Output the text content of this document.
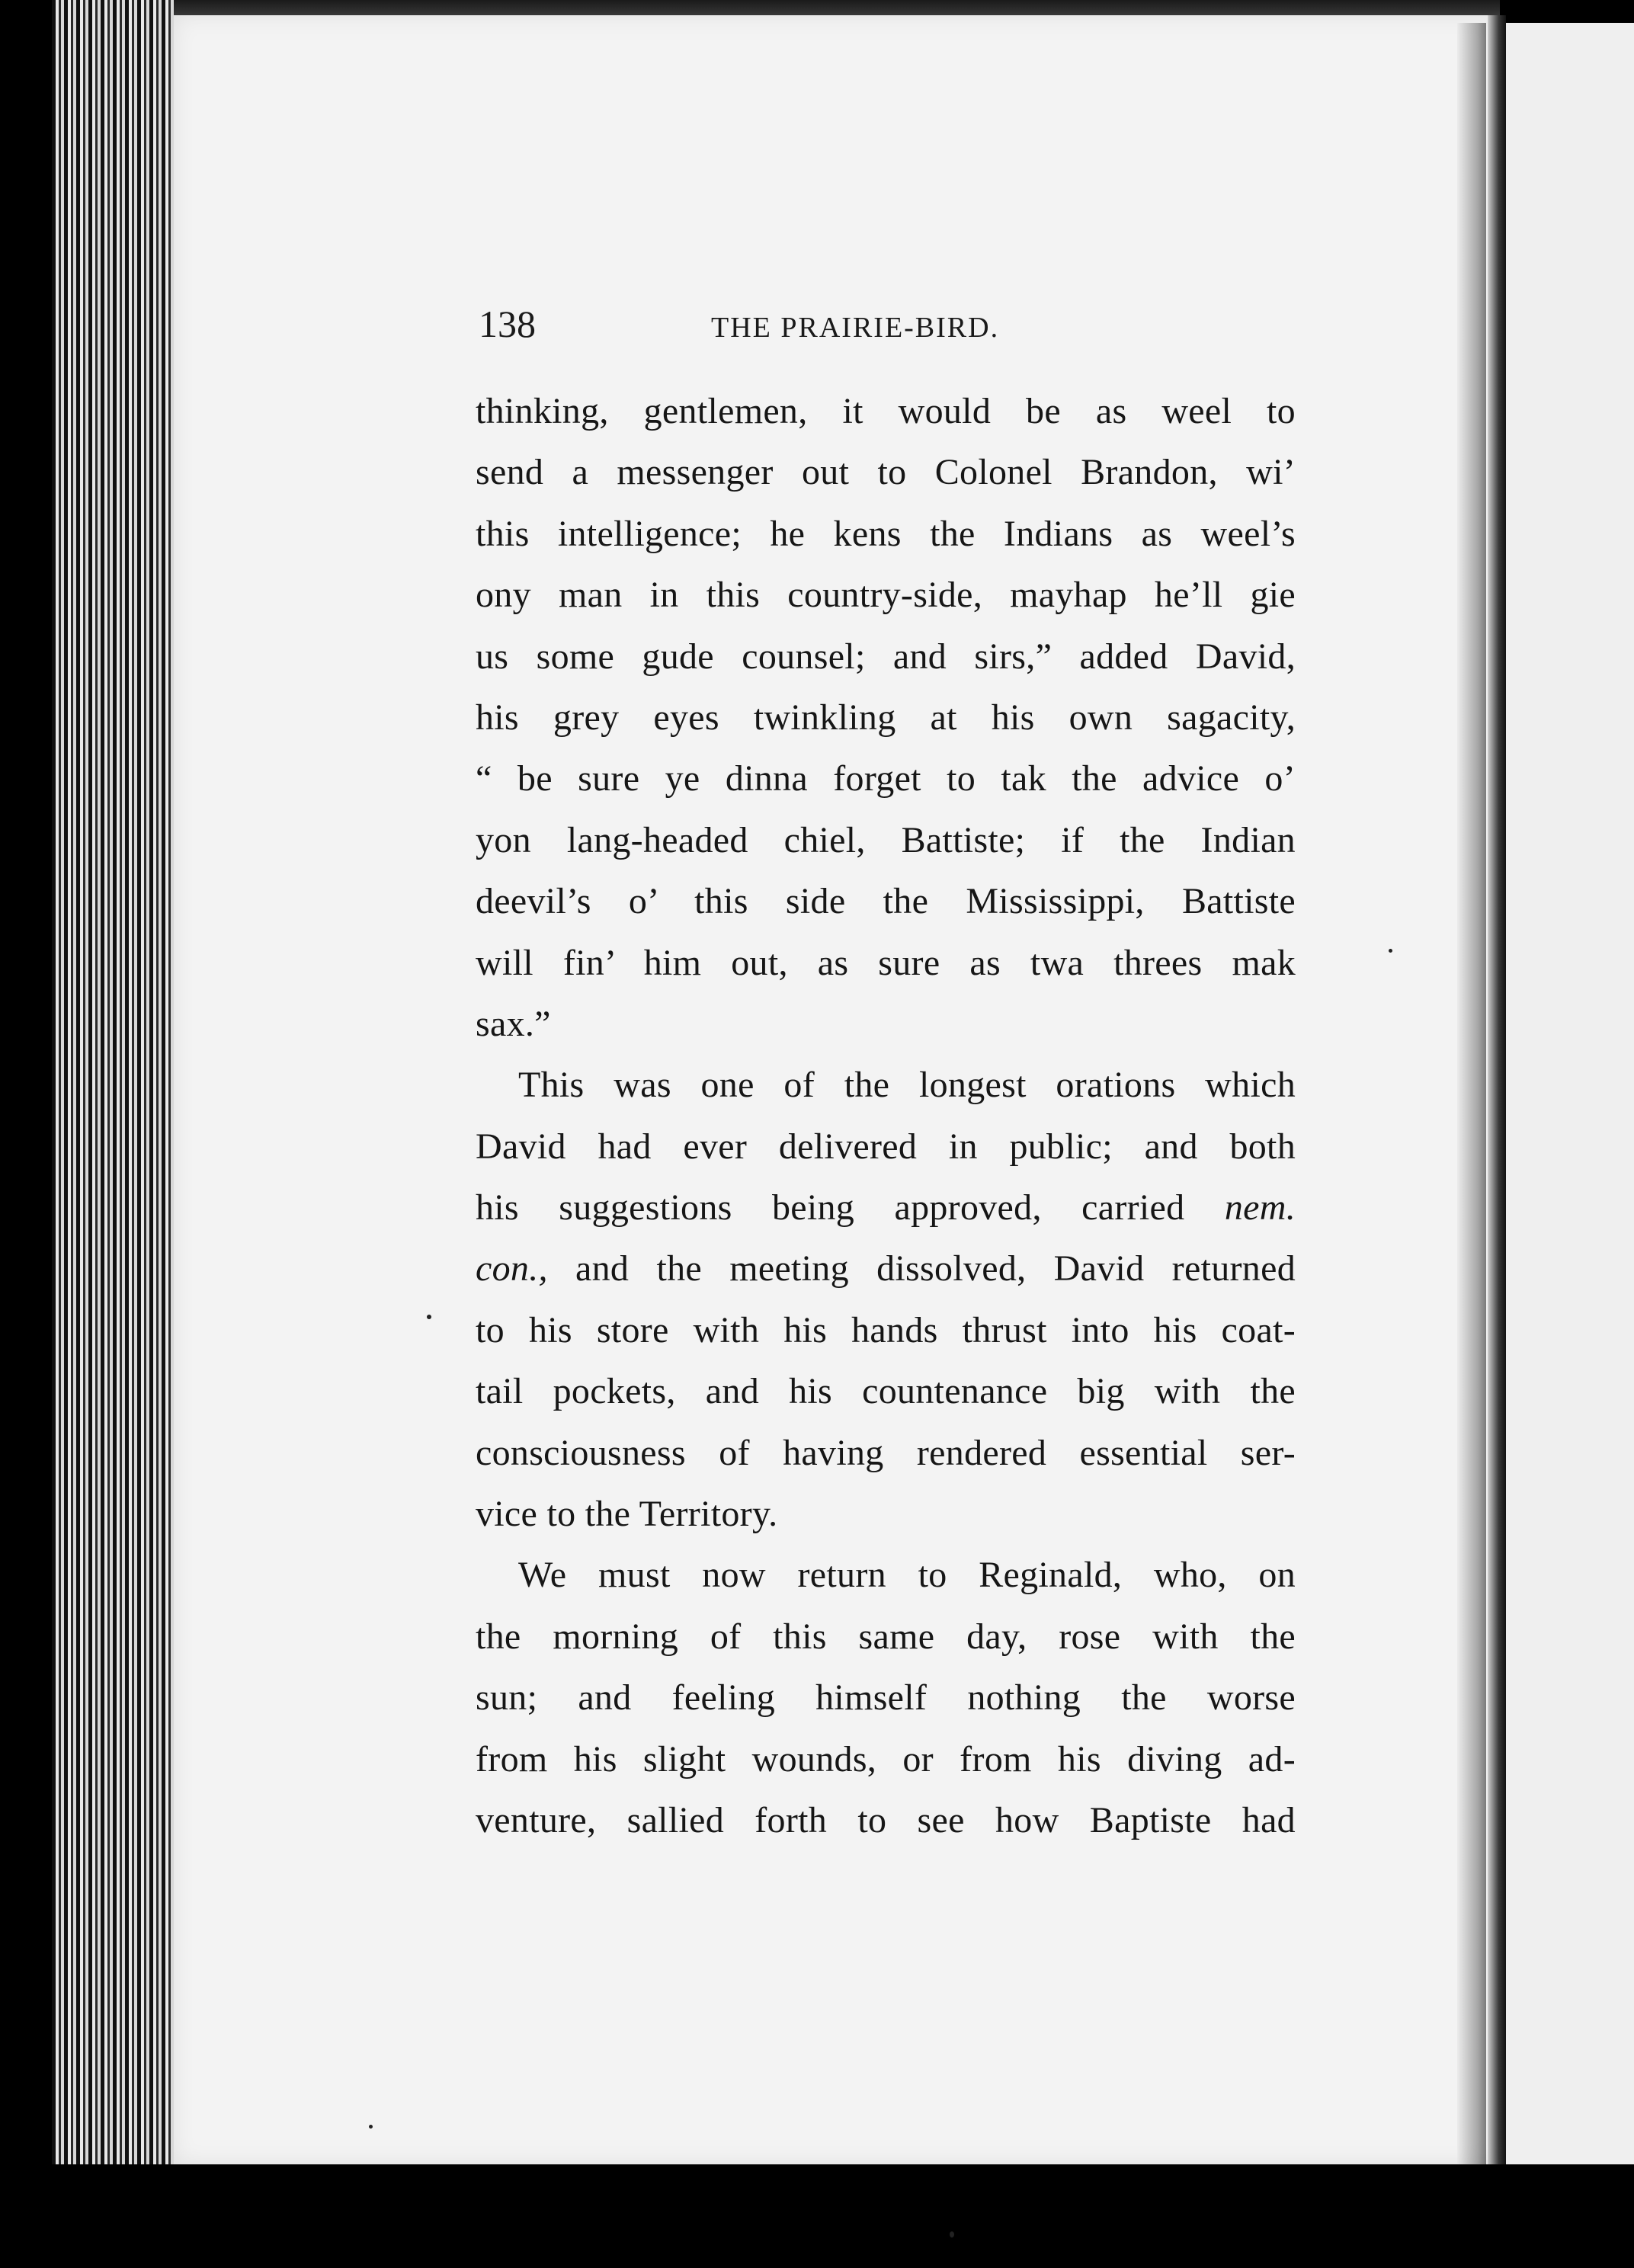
138	THE PRAIRIE-BIRD.
thinking, gentlemen, it would be as weel to
send a messenger out to Colonel Brandon, wi’
this intelligence; he kens the Indians as weel’s
ony man in this country-side, mayhap he’ll gie
us some gude counsel; and sirs,” added David,
his grey eyes twinkling at his own sagacity,
“ be sure ye dinna forget to tak the advice o’
yon lang-headed chiel, Battiste; if the Indian
deevil’s o’ this side the Mississippi, Battiste
will fin’ him out, as sure as twa threes mak
sax.”
This was one of the longest orations which
David had ever delivered in public; and both
his suggestions being approved, carried nem.
con., and the meeting dissolved, David returned
to his store with his hands thrust into his coat-
tail pockets, and his countenance big with the
consciousness of having rendered essential ser-
vice to the Territory.
We must now return to Reginald, who, on
the morning of this same day, rose with the
sun; and feeling himself nothing the worse
from his slight wounds, or from his diving ad-
venture, sallied forth to see how Baptiste had
